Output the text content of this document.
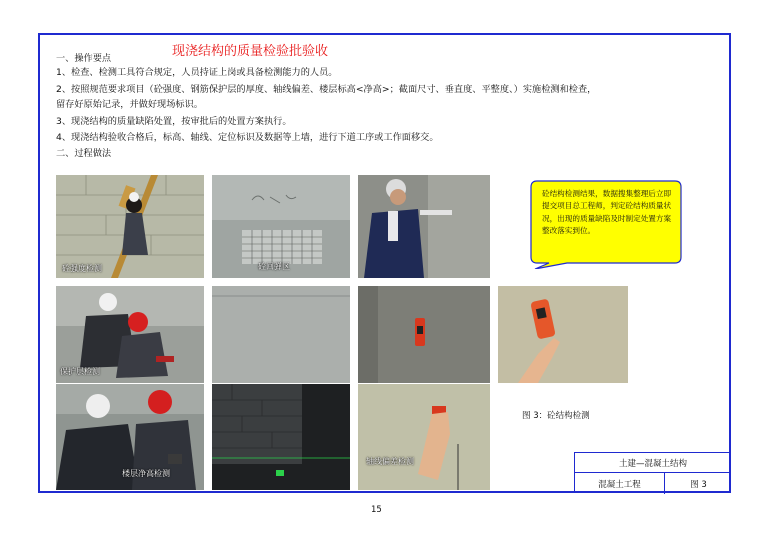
现浇结构的质量检验批验收
一、操作要点
1、检查、检测工具符合规定，人员持证上岗或具备检测能力的人员。
2、按照规范要求项目（砼强度、钢筋保护层的厚度、轴线偏差、楼层标高<净高>；截面尺寸、垂直度、平整度、）实施检测和检查，
留存好原始记录，并做好现场标识。
3、现浇结构的质量缺陷处置，按审批后的处置方案执行。
4、现浇结构验收合格后，标高、轴线、定位标识及数据等上墙，进行下道工序或工作面移交。
二、过程做法
砼强度检测	砼回弹区
砼结构检测结果，数据搜集整理后立即提交项目总工程师，判定砼结构质量状况，出现的质量缺陷及时制定处置方案整改落实到位。
保护层检测
楼层净高检测
轴线偏差检测
图 3：砼结构检测
土建—混凝土结构
混凝土工程	图 3
15
